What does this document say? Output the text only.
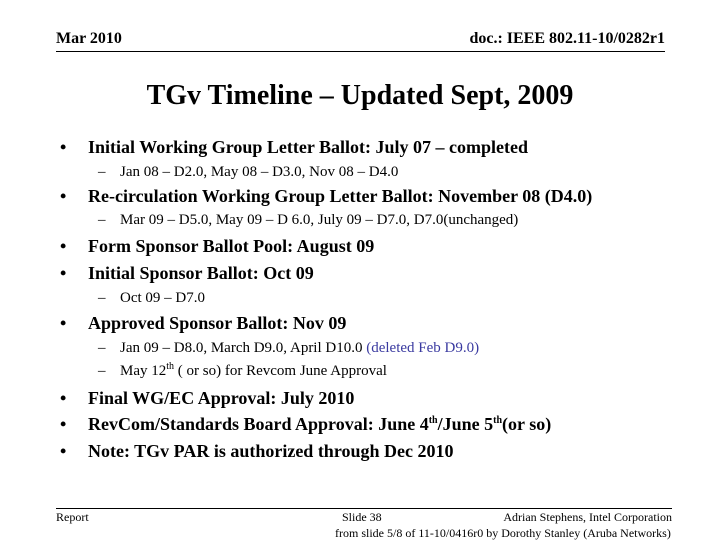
Mar 2010	doc.: IEEE 802.11-10/0282r1
TGv Timeline – Updated Sept, 2009
• Initial Working Group Letter Ballot: July 07 – completed
– Jan 08 – D2.0, May 08 – D3.0, Nov 08 – D4.0
• Re-circulation Working Group Letter Ballot: November 08 (D4.0)
– Mar 09 – D5.0, May 09 – D 6.0, July 09 – D7.0, D7.0(unchanged)
• Form Sponsor Ballot Pool: August 09
• Initial Sponsor Ballot: Oct 09
– Oct 09 – D7.0
• Approved Sponsor Ballot: Nov 09
– Jan 09 – D8.0, March D9.0, April D10.0 (deleted Feb D9.0)
– May 12th ( or so) for Revcom June Approval
• Final WG/EC Approval: July 2010
• RevCom/Standards Board Approval: June 4th/June 5th(or so)
• Note: TGv PAR is authorized through Dec 2010
Report	Slide 38	Adrian Stephens, Intel Corporation
from slide 5/8 of 11-10/0416r0 by Dorothy Stanley (Aruba Networks)
